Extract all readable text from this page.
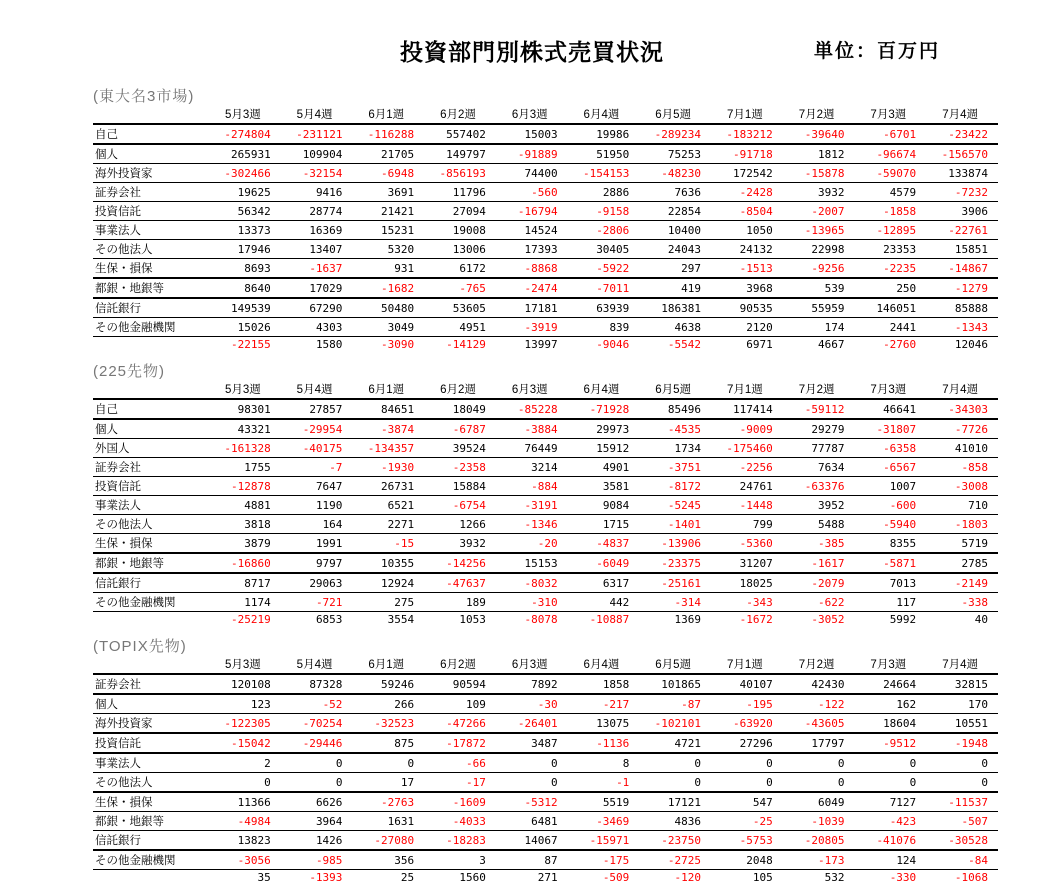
投資部門別株式売買状況	単位：百万円
(東大名3市場)
	5月3週	5月4週	6月1週	6月2週	6月3週	6月4週	6月5週	7月1週	7月2週	7月3週	7月4週
自己	-274804	-231121	-116288	557402	15003	19986	-289234	-183212	-39640	-6701	-23422
個人	265931	109904	21705	149797	-91889	51950	75253	-91718	1812	-96674	-156570
海外投資家	-302466	-32154	-6948	-856193	74400	-154153	-48230	172542	-15878	-59070	133874
証券会社	19625	9416	3691	11796	-560	2886	7636	-2428	3932	4579	-7232
投資信託	56342	28774	21421	27094	-16794	-9158	22854	-8504	-2007	-1858	3906
事業法人	13373	16369	15231	19008	14524	-2806	10400	1050	-13965	-12895	-22761
その他法人	17946	13407	5320	13006	17393	30405	24043	24132	22998	23353	15851
生保・損保	8693	-1637	931	6172	-8868	-5922	297	-1513	-9256	-2235	-14867
都銀・地銀等	8640	17029	-1682	-765	-2474	-7011	419	3968	539	250	-1279
信託銀行	149539	67290	50480	53605	17181	63939	186381	90535	55959	146051	85888
その他金融機関	15026	4303	3049	4951	-3919	839	4638	2120	174	2441	-1343
	-22155	1580	-3090	-14129	13997	-9046	-5542	6971	4667	-2760	12046
(225先物)
	5月3週	5月4週	6月1週	6月2週	6月3週	6月4週	6月5週	7月1週	7月2週	7月3週	7月4週
自己	98301	27857	84651	18049	-85228	-71928	85496	117414	-59112	46641	-34303
個人	43321	-29954	-3874	-6787	-3884	29973	-4535	-9009	29279	-31807	-7726
外国人	-161328	-40175	-134357	39524	76449	15912	1734	-175460	77787	-6358	41010
証券会社	1755	-7	-1930	-2358	3214	4901	-3751	-2256	7634	-6567	-858
投資信託	-12878	7647	26731	15884	-884	3581	-8172	24761	-63376	1007	-3008
事業法人	4881	1190	6521	-6754	-3191	9084	-5245	-1448	3952	-600	710
その他法人	3818	164	2271	1266	-1346	1715	-1401	799	5488	-5940	-1803
生保・損保	3879	1991	-15	3932	-20	-4837	-13906	-5360	-385	8355	5719
都銀・地銀等	-16860	9797	10355	-14256	15153	-6049	-23375	31207	-1617	-5871	2785
信託銀行	8717	29063	12924	-47637	-8032	6317	-25161	18025	-2079	7013	-2149
その他金融機関	1174	-721	275	189	-310	442	-314	-343	-622	117	-338
	-25219	6853	3554	1053	-8078	-10887	1369	-1672	-3052	5992	40
(TOPIX先物)
	5月3週	5月4週	6月1週	6月2週	6月3週	6月4週	6月5週	7月1週	7月2週	7月3週	7月4週
証券会社	120108	87328	59246	90594	7892	1858	101865	40107	42430	24664	32815
個人	123	-52	266	109	-30	-217	-87	-195	-122	162	170
海外投資家	-122305	-70254	-32523	-47266	-26401	13075	-102101	-63920	-43605	18604	10551
投資信託	-15042	-29446	875	-17872	3487	-1136	4721	27296	17797	-9512	-1948
事業法人	2	0	0	-66	0	8	0	0	0	0	0
その他法人	0	0	17	-17	0	-1	0	0	0	0	0
生保・損保	11366	6626	-2763	-1609	-5312	5519	17121	547	6049	7127	-11537
都銀・地銀等	-4984	3964	1631	-4033	6481	-3469	4836	-25	-1039	-423	-507
信託銀行	13823	1426	-27080	-18283	14067	-15971	-23750	-5753	-20805	-41076	-30528
その他金融機関	-3056	-985	356	3	87	-175	-2725	2048	-173	124	-84
	35	-1393	25	1560	271	-509	-120	105	532	-330	-1068
